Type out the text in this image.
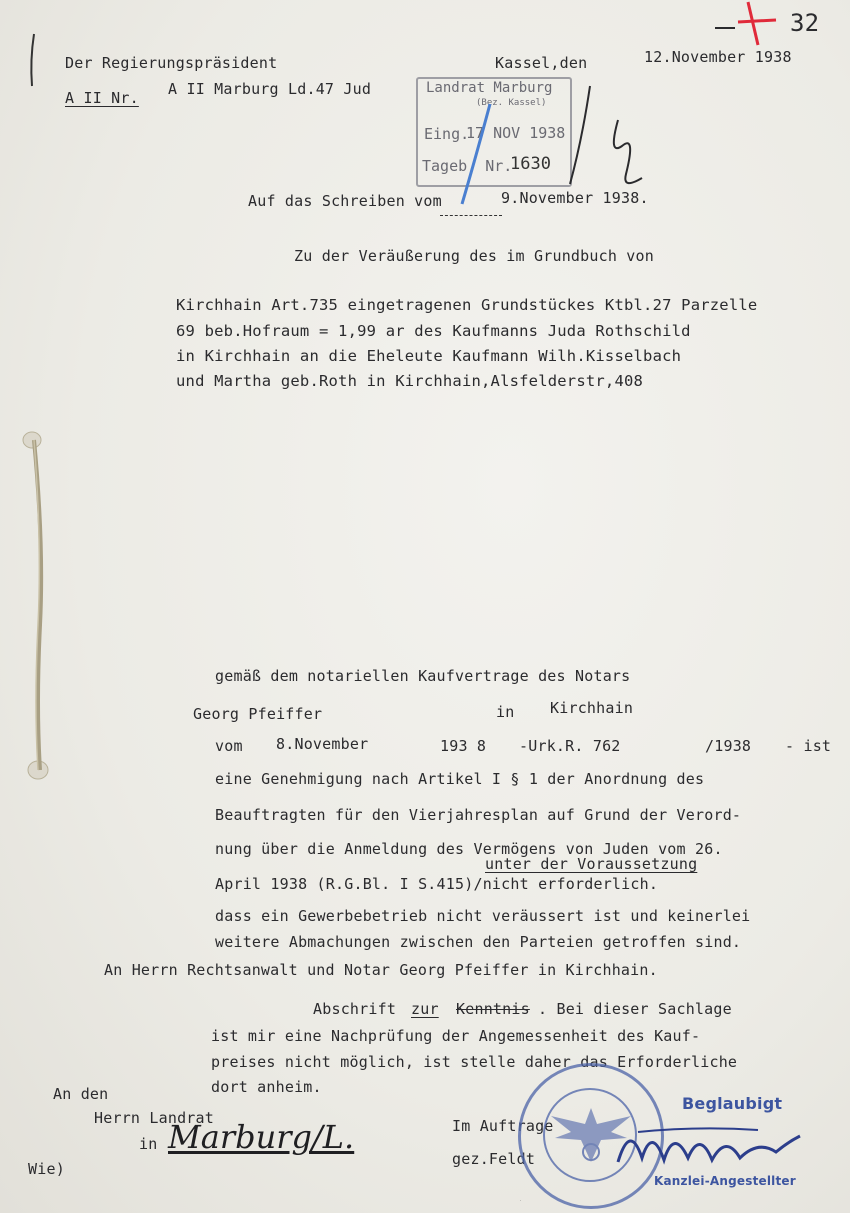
32
Der Regierungspräsident	Kassel,den	12.November 1938
A II Nr. A II Marburg Ld.47 Jud	Landrat Marburg
(Bez. Kassel)
Eing.
17 NOV 1938
Tageb. Nr.
1630
Auf das Schreiben vom	9.November 1938.
Zu der Veräußerung des im Grundbuch von
Kirchhain Art.735 eingetragenen Grundstückes Ktbl.27 Parzelle
69 beb.Hofraum = 1,99 ar des Kaufmanns Juda Rothschild
in Kirchhain an die Eheleute Kaufmann Wilh.Kisselbach
und Martha geb.Roth in Kirchhain,Alsfelderstr,408
gemäß dem notariellen Kaufvertrage des Notars
Georg Pfeiffer	in Kirchhain
vom 8.November	193 8 -Urk.R. 762	/1938 - ist
eine Genehmigung nach Artikel I § 1 der Anordnung des
Beauftragten für den Vierjahresplan auf Grund der Verord-
nung über die Anmeldung des Vermögens von Juden vom 26.
unter der Voraussetzung
April 1938 (R.G.Bl. I S.415)/nicht erforderlich.
dass ein Gewerbebetrieb nicht veräussert ist und keinerlei
weitere Abmachungen zwischen den Parteien getroffen sind.
An Herrn Rechtsanwalt und Notar Georg Pfeiffer in Kirchhain.
Abschrift zur Kenntnis . Bei dieser Sachlage
ist mir eine Nachprüfung der Angemessenheit des Kauf-
preises nicht möglich, ist stelle daher das Erforderliche
dort anheim.
An den
Herrn Landrat
in Marburg/L.
Wie)
Im Auftrage
gez.Feldt
Beglaubigt
Kanzlei-Angestellter
